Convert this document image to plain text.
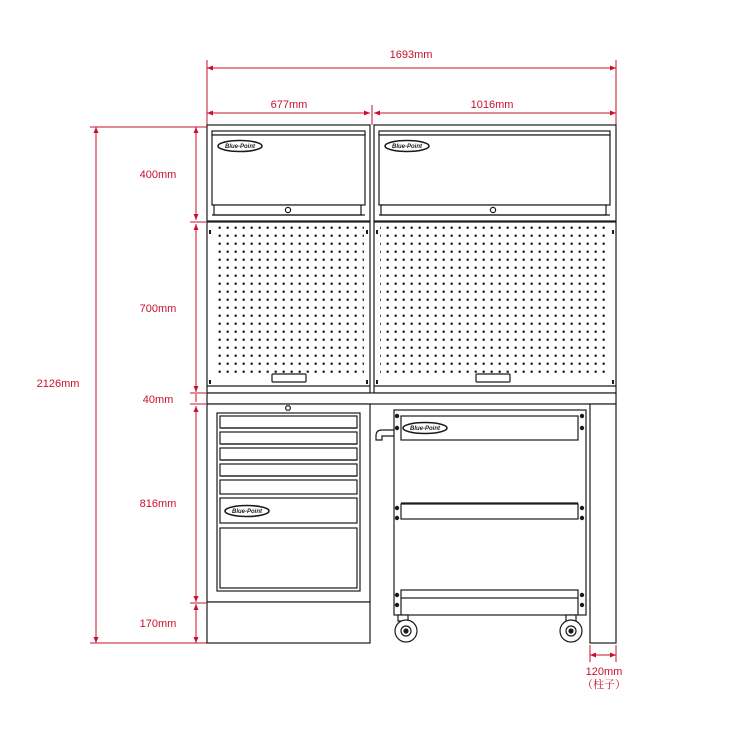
1693mm
677mm	1016mm
2126mm
400mm
700mm
40mm
816mm
170mm
120mm
（柱子）
Blue-Point	Blue-Point
Blue-Point
Blue-Point
